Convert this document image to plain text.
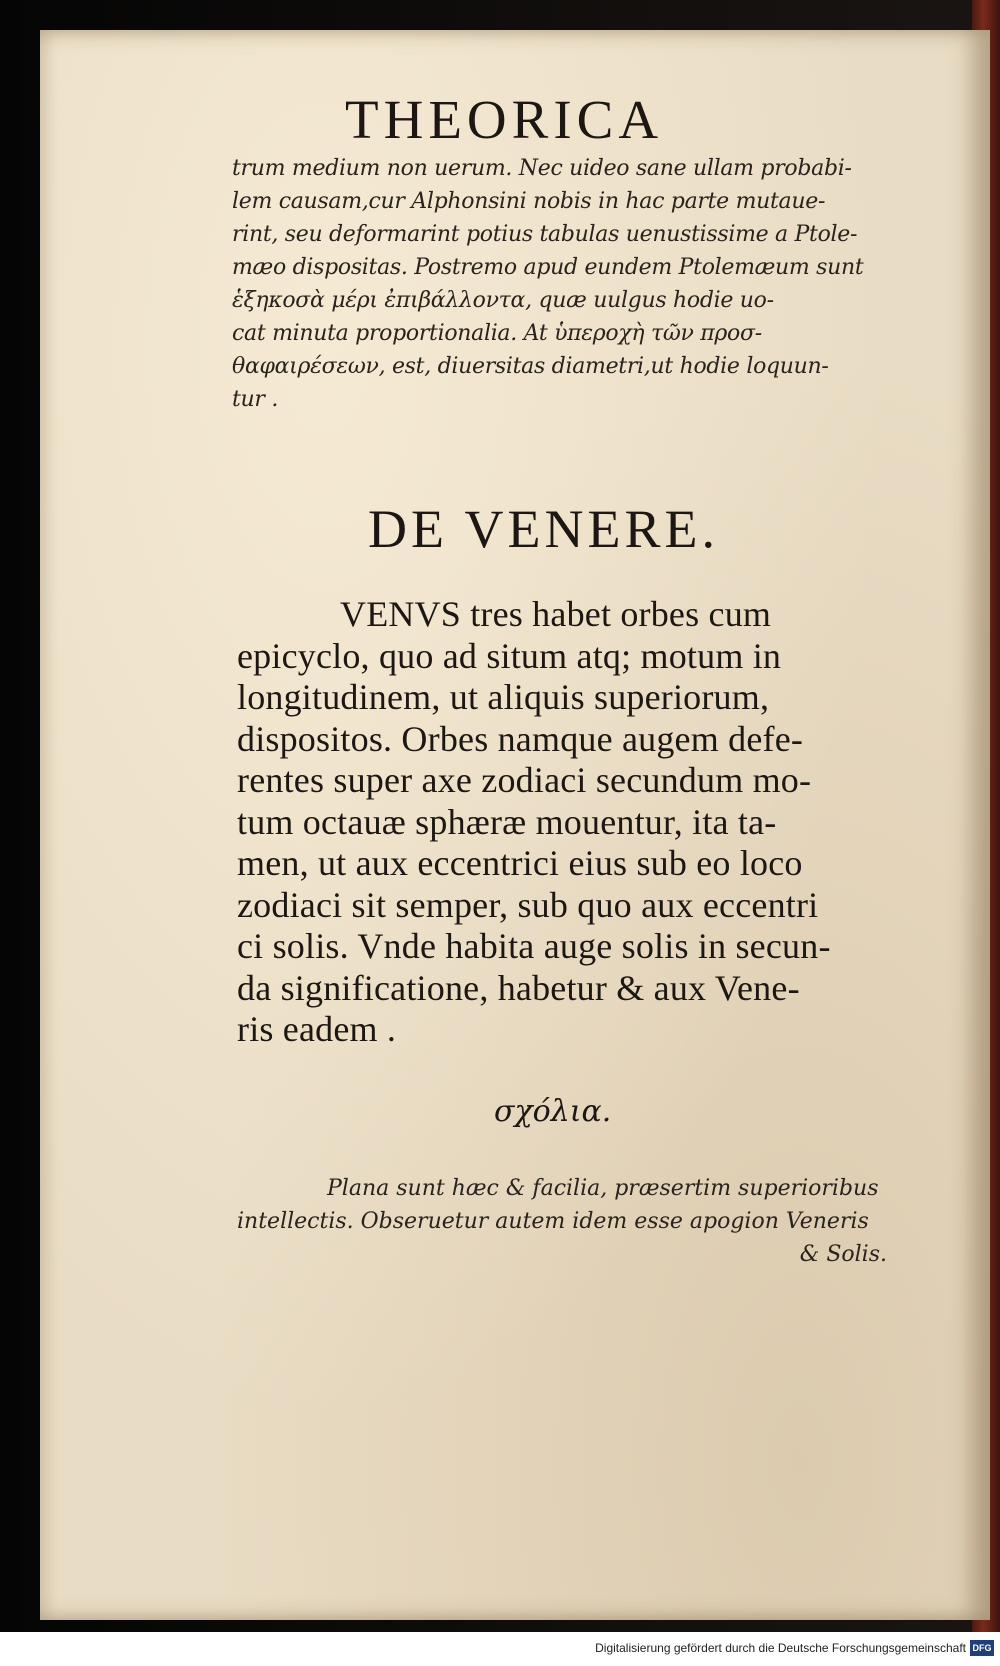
THEORICA
trum medium non uerum. Nec uideo sane ullam probabi-
lem causam,cur Alphonsini nobis in hac parte mutaue-
rint, seu deformarint potius tabulas uenustissime a Ptole-
mæo dispositas. Postremo apud eundem Ptolemæum sunt
ἑξηκοσὰ μέρι ἐπιβάλλοντα, quæ uulgus hodie uo-
cat minuta proportionalia. At ὑπεροχὴ τῶν προσ-
θαφαιρέσεων, est, diuersitas diametri,ut hodie loquun-
tur .
DE VENERE.
VENVS tres habet orbes cum
epicyclo, quo ad situm atq; motum in
longitudinem, ut aliquis superiorum,
dispositos. Orbes namque augem defe-
rentes super axe zodiaci secundum mo-
tum octauæ sphæræ mouentur, ita ta-
men, ut aux eccentrici eius sub eo loco
zodiaci sit semper, sub quo aux eccentri
ci solis. Vnde habita auge solis in secun-
da significatione, habetur & aux Vene-
ris eadem .
σχόλια.
Plana sunt hæc & facilia, præsertim superioribus
intellectis. Obseruetur autem idem esse apogion Veneris
& Solis.
Digitalisierung gefördert durch die Deutsche Forschungsgemeinschaft DFG
